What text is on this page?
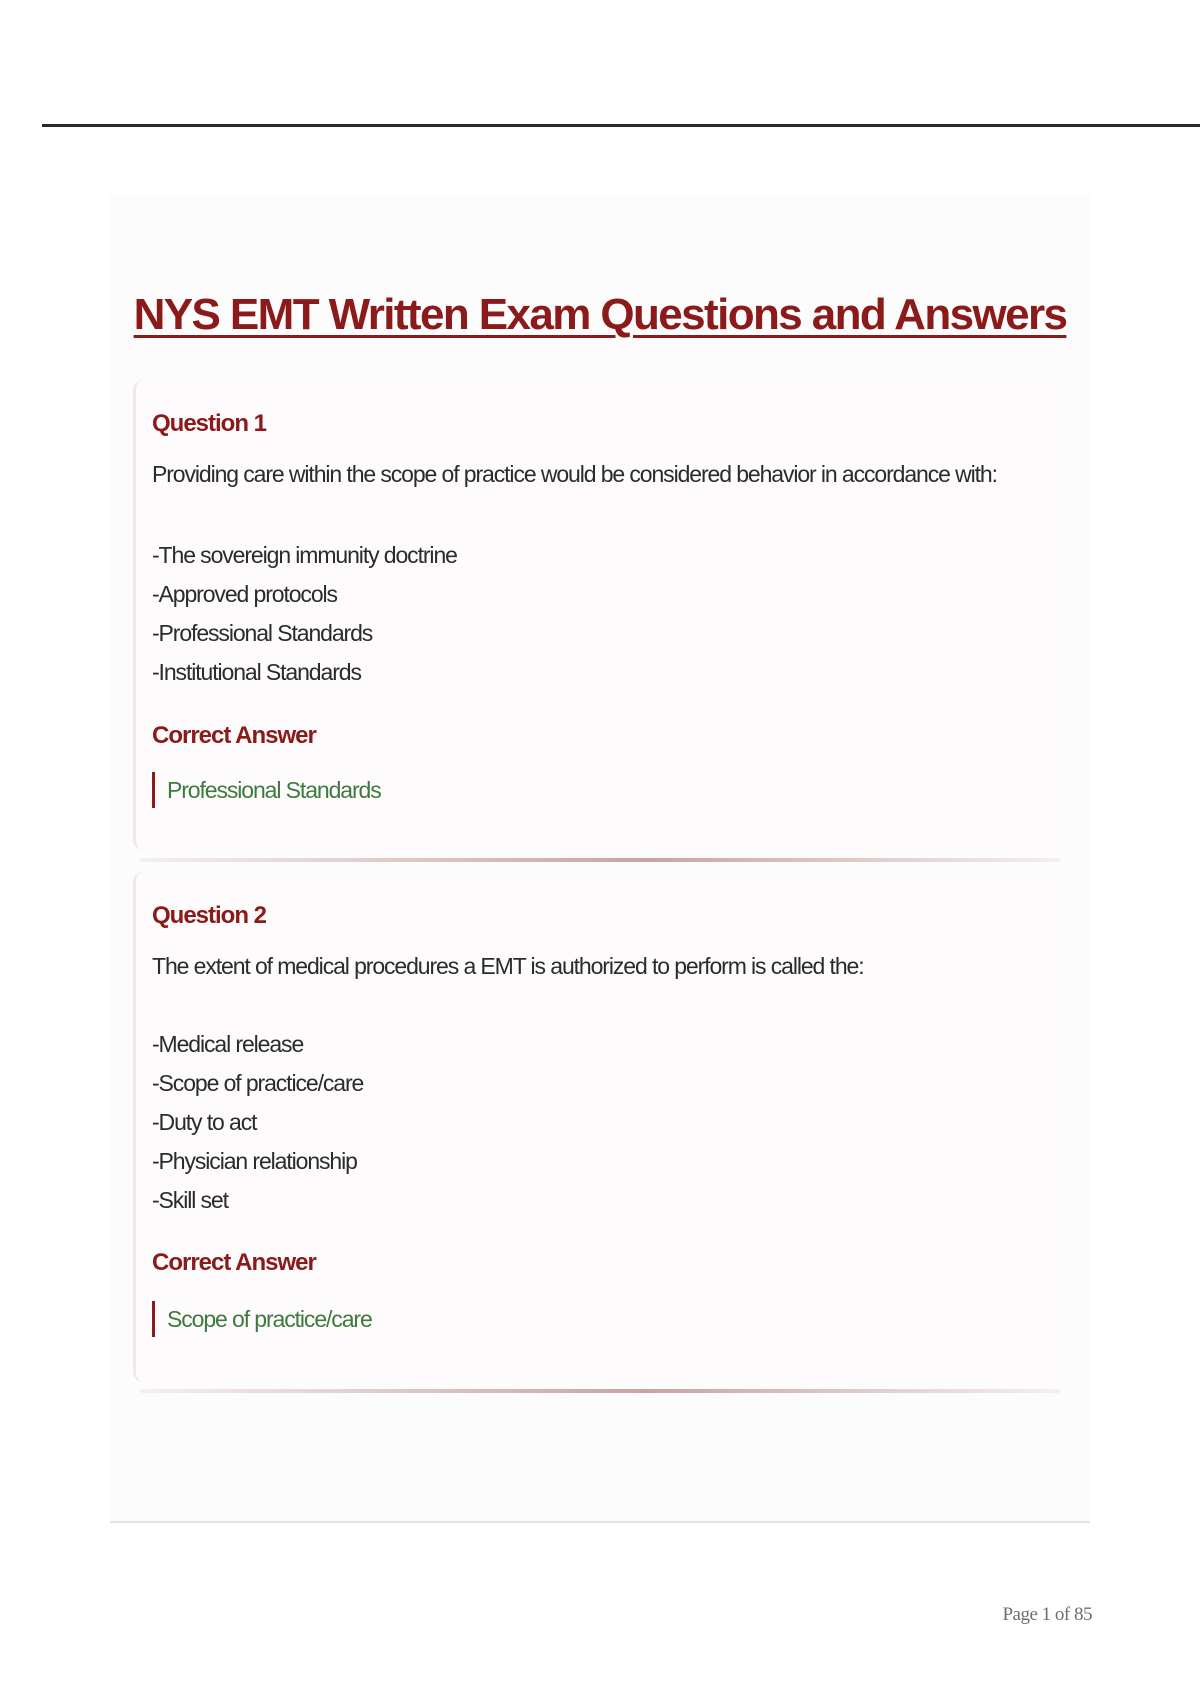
NYS EMT Written Exam Questions and Answers
Question 1

Providing care within the scope of practice would be considered behavior in accordance with:

-The sovereign immunity doctrine
-Approved protocols
-Professional Standards
-Institutional Standards
Correct Answer
Professional Standards
Question 2

The extent of medical procedures a EMT is authorized to perform is called the:

-Medical release
-Scope of practice/care
-Duty to act
-Physician relationship
-Skill set
Correct Answer
Scope of practice/care
Page 1 of 85
